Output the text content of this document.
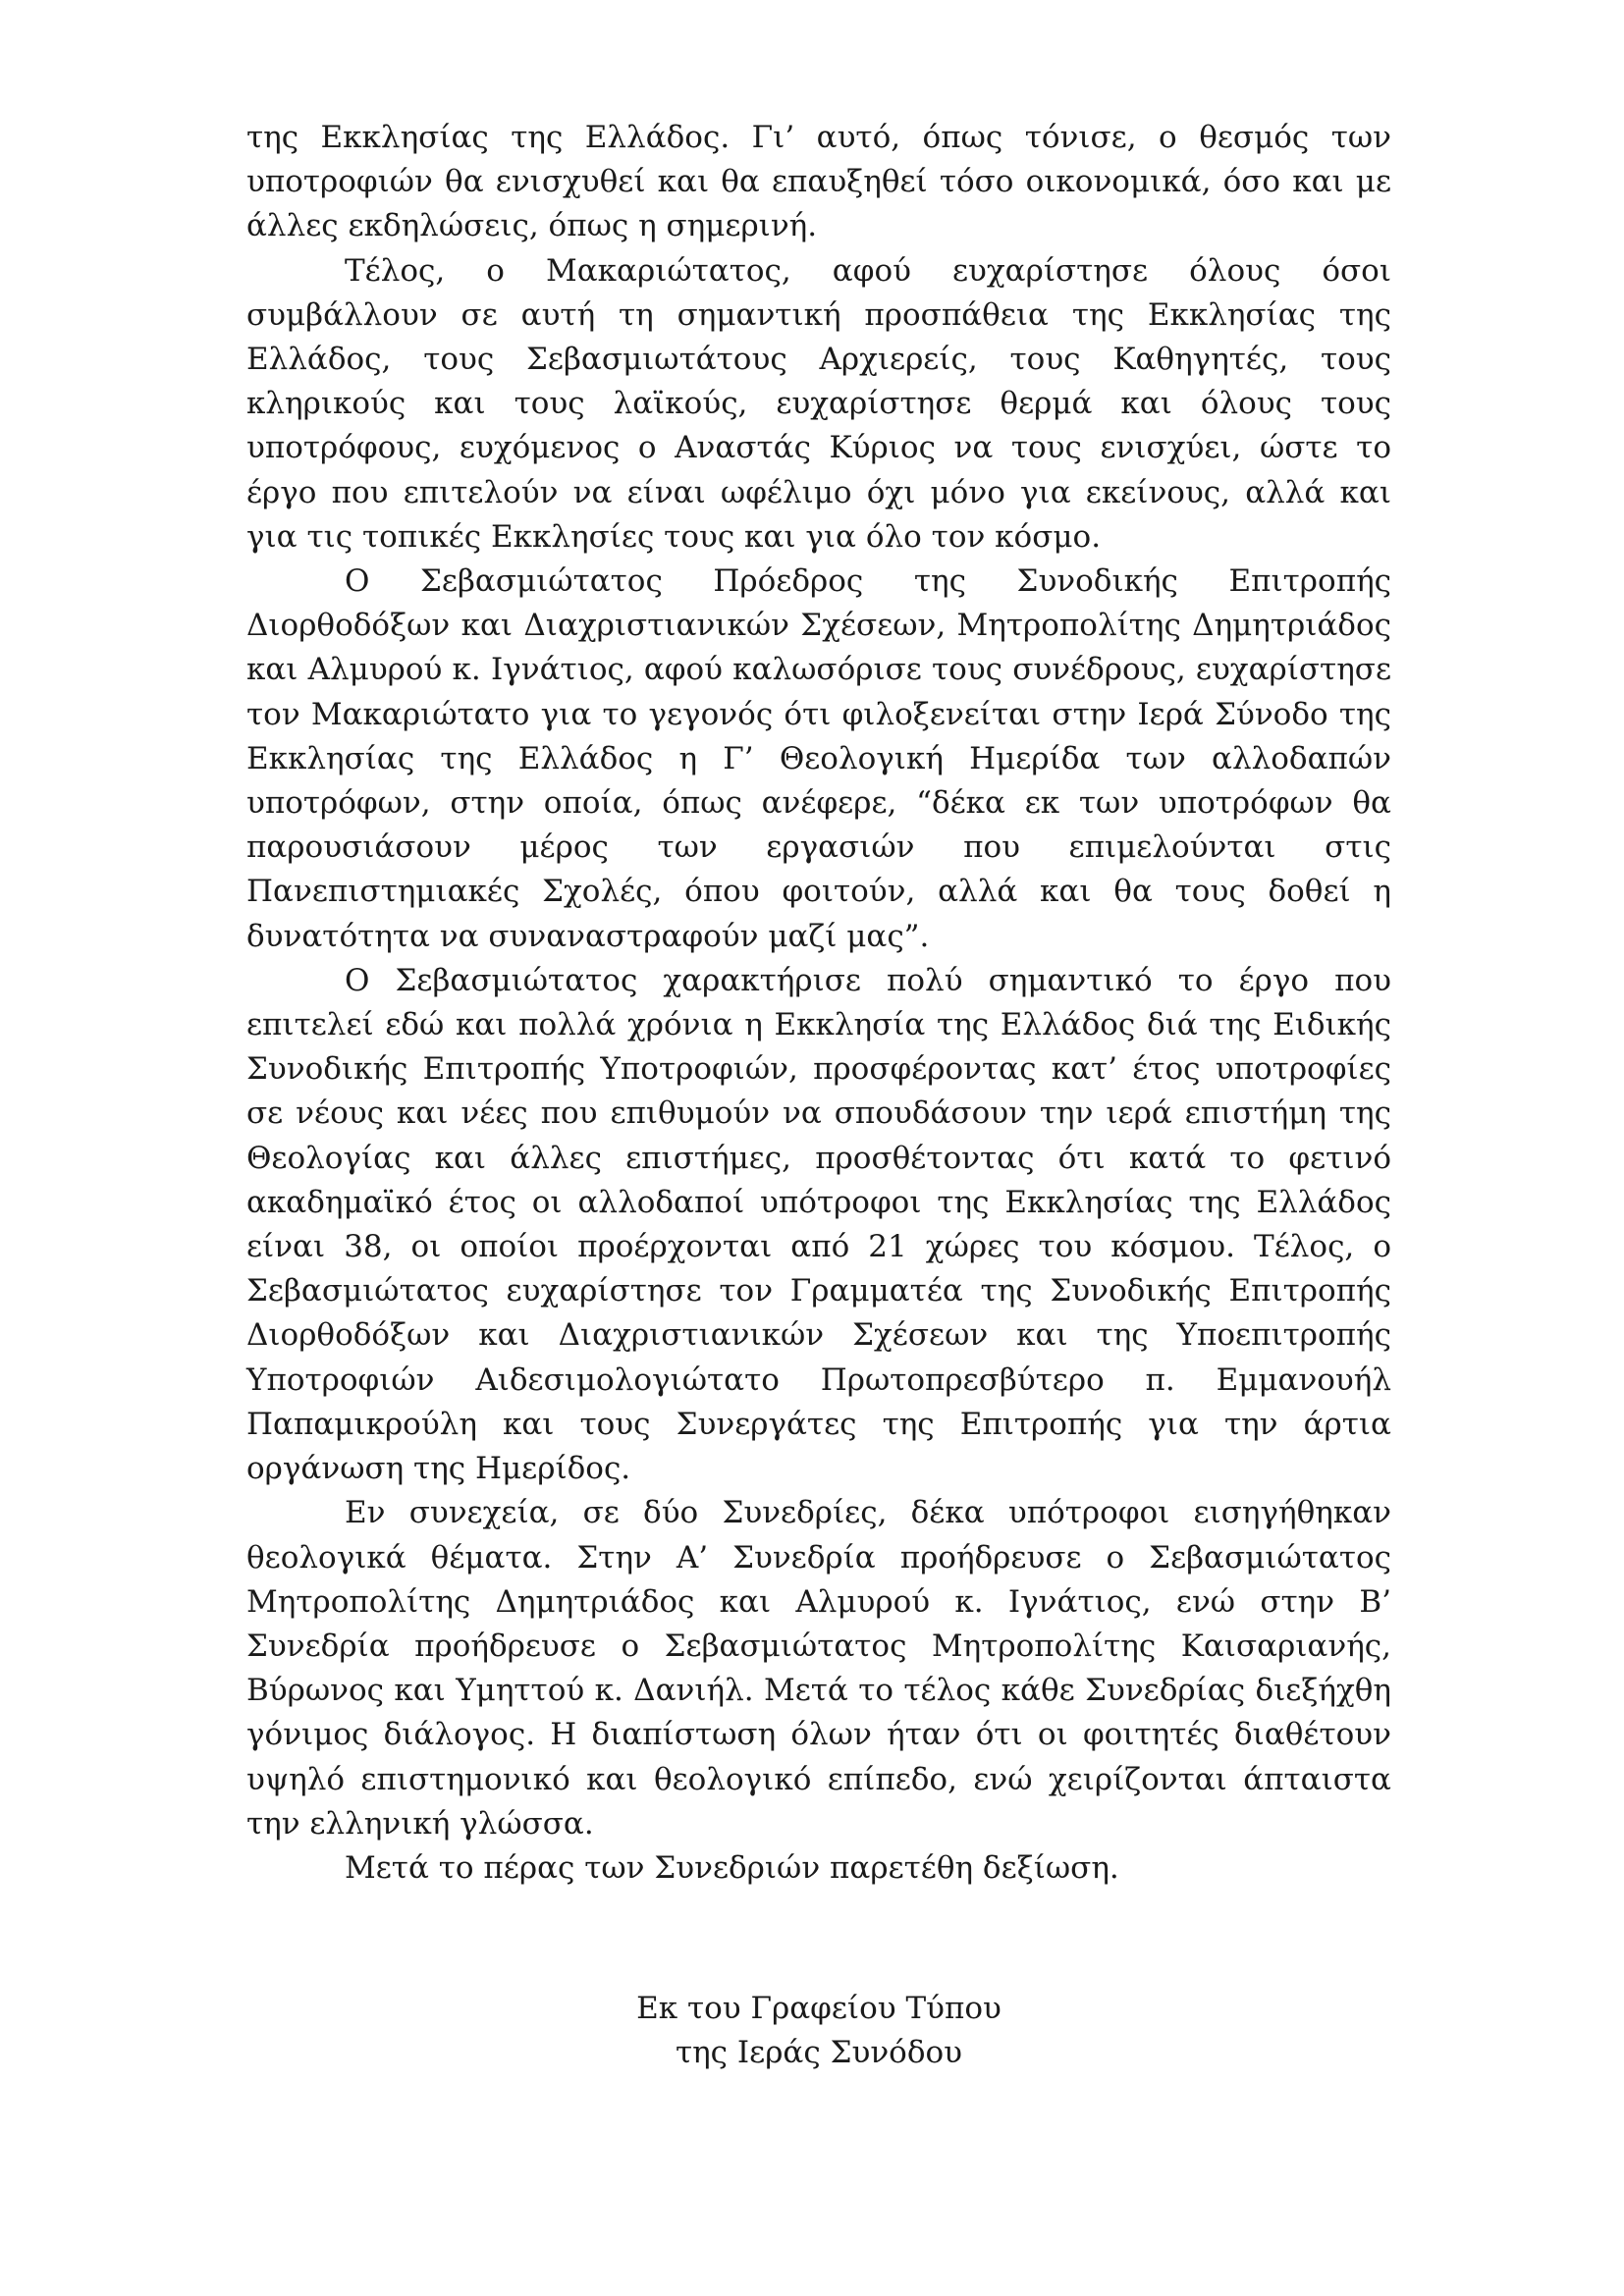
της Εκκλησίας της Ελλάδος. Γι’ αυτό, όπως τόνισε, ο θεσμός των υποτροφιών θα ενισχυθεί και θα επαυξηθεί τόσο οικονομικά, όσο και με άλλες εκδηλώσεις, όπως η σημερινή.

Τέλος, ο Μακαριώτατος, αφού ευχαρίστησε όλους όσοι συμβάλλουν σε αυτή τη σημαντική προσπάθεια της Εκκλησίας της Ελλάδος, τους Σεβασμιωτάτους Αρχιερείς, τους Καθηγητές, τους κληρικούς και τους λαϊκούς, ευχαρίστησε θερμά και όλους τους υποτρόφους, ευχόμενος ο Αναστάς Κύριος να τους ενισχύει, ώστε το έργο που επιτελούν να είναι ωφέλιμο όχι μόνο για εκείνους, αλλά και για τις τοπικές Εκκλησίες τους και για όλο τον κόσμο.

Ο Σεβασμιώτατος Πρόεδρος της Συνοδικής Επιτροπής Διορθοδόξων και Διαχριστιανικών Σχέσεων, Μητροπολίτης Δημητριάδος και Αλμυρού κ. Ιγνάτιος, αφού καλωσόρισε τους συνέδρους, ευχαρίστησε τον Μακαριώτατο για το γεγονός ότι φιλοξενείται στην Ιερά Σύνοδο της Εκκλησίας της Ελλάδος η Γ’ Θεολογική Ημερίδα των αλλοδαπών υποτρόφων, στην οποία, όπως ανέφερε, “δέκα εκ των υποτρόφων θα παρουσιάσουν μέρος των εργασιών που επιμελούνται στις Πανεπιστημιακές Σχολές, όπου φοιτούν, αλλά και θα τους δοθεί η δυνατότητα να συναναστραφούν μαζί μας”.

Ο Σεβασμιώτατος χαρακτήρισε πολύ σημαντικό το έργο που επιτελεί εδώ και πολλά χρόνια η Εκκλησία της Ελλάδος διά της Ειδικής Συνοδικής Επιτροπής Υποτροφιών, προσφέροντας κατ’ έτος υποτροφίες σε νέους και νέες που επιθυμούν να σπουδάσουν την ιερά επιστήμη της Θεολογίας και άλλες επιστήμες, προσθέτοντας ότι κατά το φετινό ακαδημαϊκό έτος οι αλλοδαποί υπότροφοι της Εκκλησίας της Ελλάδος είναι 38, οι οποίοι προέρχονται από 21 χώρες του κόσμου. Τέλος, ο Σεβασμιώτατος ευχαρίστησε τον Γραμματέα της Συνοδικής Επιτροπής Διορθοδόξων και Διαχριστιανικών Σχέσεων και της Υποεπιτροπής Υποτροφιών Αιδεσιμολογιώτατο Πρωτοπρεσβύτερο π. Εμμανουήλ Παπαμικρούλη και τους Συνεργάτες της Επιτροπής για την άρτια οργάνωση της Ημερίδος.

Εν συνεχεία, σε δύο Συνεδρίες, δέκα υπότροφοι εισηγήθηκαν θεολογικά θέματα. Στην Α’ Συνεδρία προήδρευσε ο Σεβασμιώτατος Μητροπολίτης Δημητριάδος και Αλμυρού κ. Ιγνάτιος, ενώ στην Β’ Συνεδρία προήδρευσε ο Σεβασμιώτατος Μητροπολίτης Καισαριανής, Βύρωνος και Υμηττού κ. Δανιήλ. Μετά το τέλος κάθε Συνεδρίας διεξήχθη γόνιμος διάλογος. Η διαπίστωση όλων ήταν ότι οι φοιτητές διαθέτουν υψηλό επιστημονικό και θεολογικό επίπεδο, ενώ χειρίζονται άπταιστα την ελληνική γλώσσα.

Μετά το πέρας των Συνεδριών παρετέθη δεξίωση.

Εκ του Γραφείου Τύπου
της Ιεράς Συνόδου
